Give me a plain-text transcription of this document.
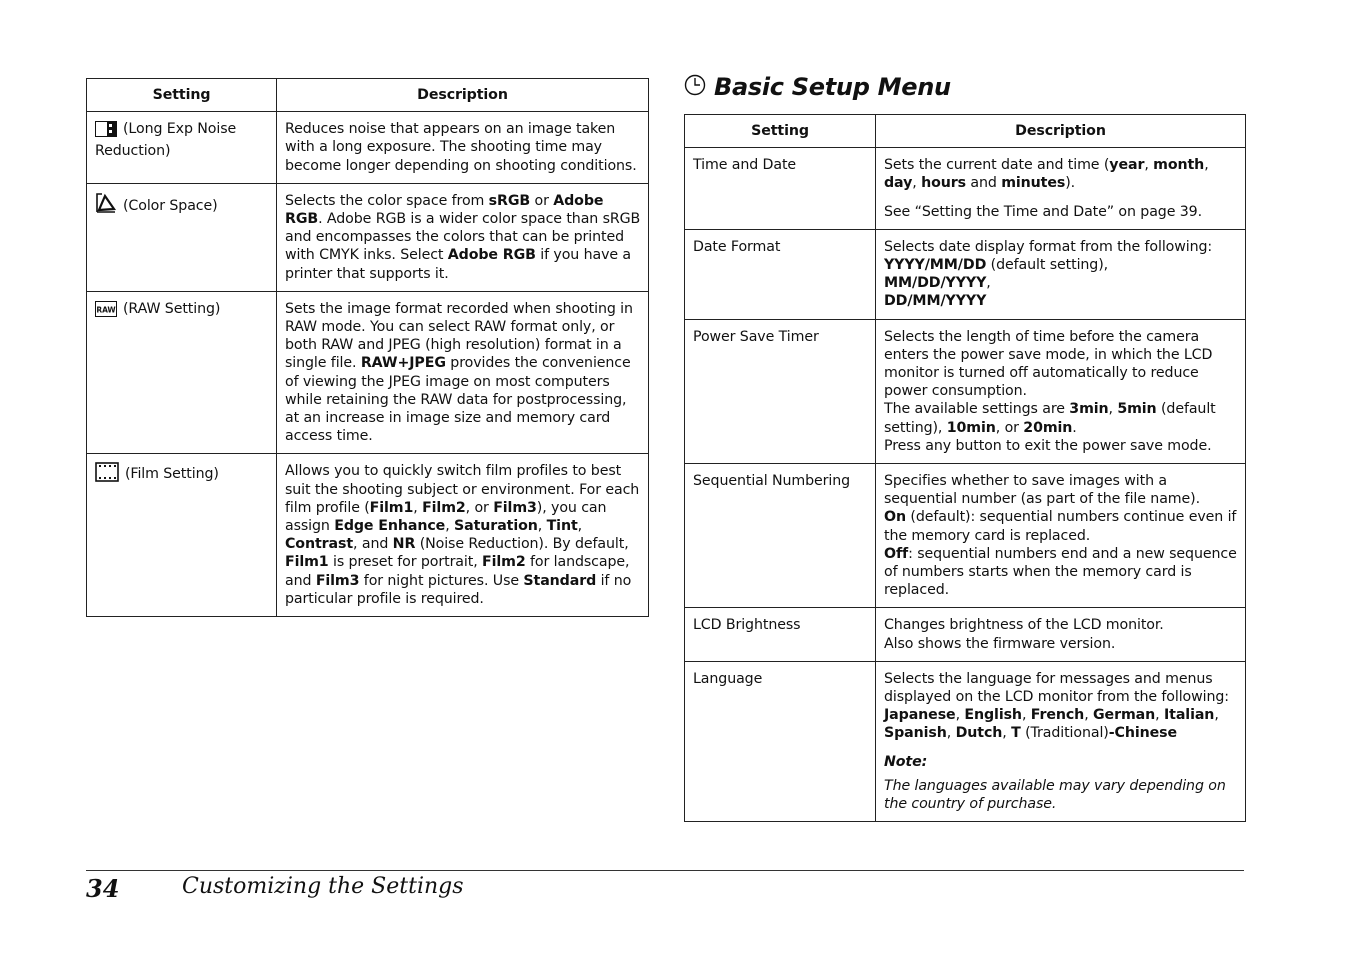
Setting	Description
(Long Exp Noise Reduction)	Reduces noise that appears on an image taken with a long exposure. The shooting time may become longer depending on shooting conditions.
(Color Space)	Selects the color space from sRGB or Adobe RGB. Adobe RGB is a wider color space than sRGB and encompasses the colors that can be printed with CMYK inks. Select Adobe RGB if you have a printer that supports it.

RAW (RAW Setting)	Sets the image format recorded when shooting in RAW mode. You can select RAW format only, or both RAW and JPEG (high resolution) format in a single file. RAW+JPEG provides the convenience of viewing the JPEG image on most computers while retaining the RAW data for postprocessing, at an increase in image size and memory card access time.
(Film Setting)	Allows you to quickly switch film profiles to best suit the shooting subject or environment. For each film profile (Film1, Film2, or Film3), you can assign Edge Enhance, Saturation, Tint, Contrast, and NR (Noise Reduction). By default, Film1 is preset for portrait, Film2 for landscape, and Film3 for night pictures. Use Standard if no particular profile is required.
Basic Setup Menu
Setting	Description
Time and Date	Sets the current date and time (year, month, day, hours and minutes).

See “Setting the Time and Date” on page 39.

Date Format	Selects date display format from the following:
YYYY/MM/DD (default setting),
MM/DD/YYYY,
DD/MM/YYYY
Power Save Timer	Selects the length of time before the camera enters the power save mode, in which the LCD monitor is turned off automatically to reduce power consumption.
The available settings are 3min, 5min (default setting), 10min, or 20min.
Press any button to exit the power save mode.
Sequential Numbering	Specifies whether to save images with a sequential number (as part of the file name).
On (default): sequential numbers continue even if the memory card is replaced.
Off: sequential numbers end and a new sequence of numbers starts when the memory card is replaced.
LCD Brightness	Changes brightness of the LCD monitor.
Also shows the firmware version.
Language	Selects the language for messages and menus displayed on the LCD monitor from the following: Japanese, English, French, German, Italian, Spanish, Dutch, T (Traditional)-Chinese

Note:

The languages available may vary depending on the country of purchase.

34	Customizing the Settings
